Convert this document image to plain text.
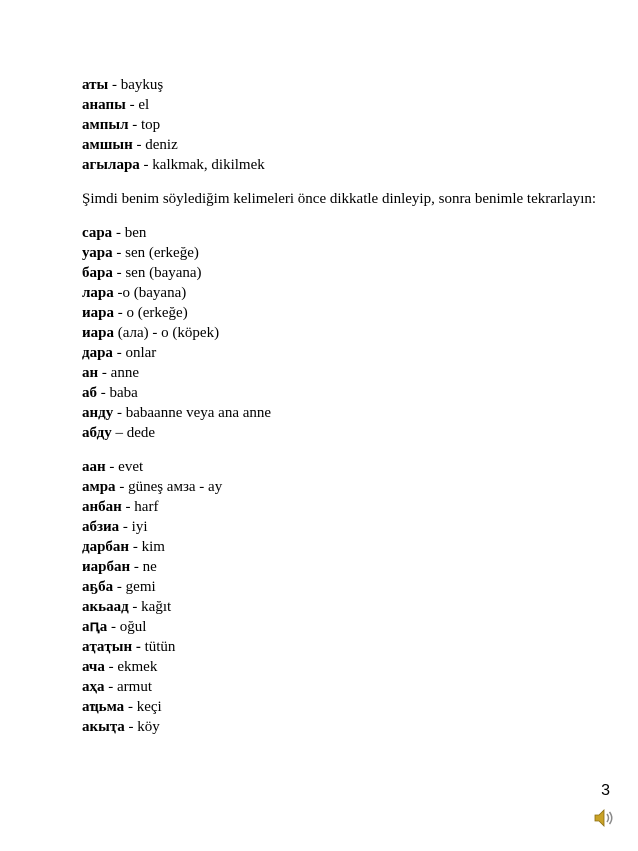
аты - baykuş
анапы - el
ампыл - top
амшын - deniz
агылара - kalkmak, dikilmek
Şimdi benim söylediğim kelimeleri önce dikkatle dinleyip, sonra benimle tekrarlayın:
сара - ben
уара - sen (erkeğe)
бара - sen (bayana)
лара -o (bayana)
иара - o (erkeğe)
иара (ала) - o (köpek)
дара - onlar
ан - anne
аб - baba
анду - babaanne veya ana anne
абду – dede
аан - evet
амра - güneş амза - ay
анбан - harf
абзиа - iyi
дарбан - kim
иарбан - ne
аҕба - gemi
акьаад - kağıt
аԥа - oğul
аҭаҭын - tütün
ача - ekmek
аҳа - armut
аҵьма - keçi
акыҭа - köy
3
